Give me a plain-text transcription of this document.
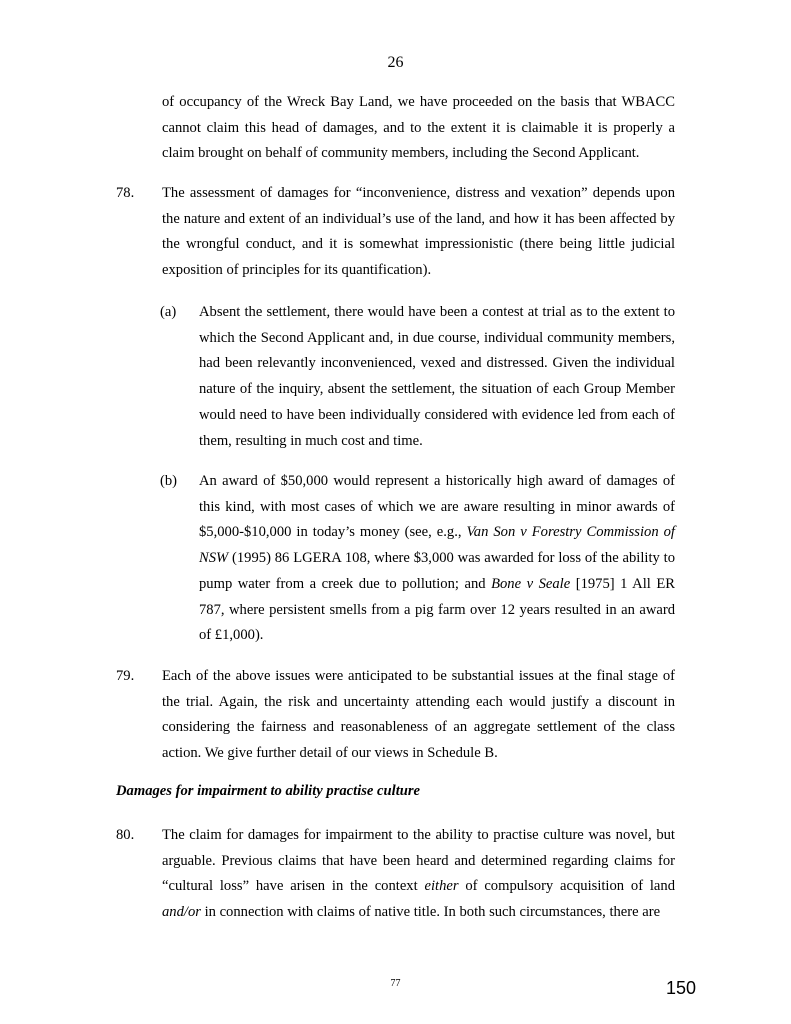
26
of occupancy of the Wreck Bay Land, we have proceeded on the basis that WBACC cannot claim this head of damages, and to the extent it is claimable it is properly a claim brought on behalf of community members, including the Second Applicant.
78. The assessment of damages for “inconvenience, distress and vexation” depends upon the nature and extent of an individual’s use of the land, and how it has been affected by the wrongful conduct, and it is somewhat impressionistic (there being little judicial exposition of principles for its quantification).
(a) Absent the settlement, there would have been a contest at trial as to the extent to which the Second Applicant and, in due course, individual community members, had been relevantly inconvenienced, vexed and distressed. Given the individual nature of the inquiry, absent the settlement, the situation of each Group Member would need to have been individually considered with evidence led from each of them, resulting in much cost and time.
(b) An award of $50,000 would represent a historically high award of damages of this kind, with most cases of which we are aware resulting in minor awards of $5,000-$10,000 in today’s money (see, e.g., Van Son v Forestry Commission of NSW (1995) 86 LGERA 108, where $3,000 was awarded for loss of the ability to pump water from a creek due to pollution; and Bone v Seale [1975] 1 All ER 787, where persistent smells from a pig farm over 12 years resulted in an award of £1,000).
79. Each of the above issues were anticipated to be substantial issues at the final stage of the trial. Again, the risk and uncertainty attending each would justify a discount in considering the fairness and reasonableness of an aggregate settlement of the class action. We give further detail of our views in Schedule B.
Damages for impairment to ability practise culture
80. The claim for damages for impairment to the ability to practise culture was novel, but arguable. Previous claims that have been heard and determined regarding claims for “cultural loss” have arisen in the context either of compulsory acquisition of land and/or in connection with claims of native title. In both such circumstances, there are
77	150
